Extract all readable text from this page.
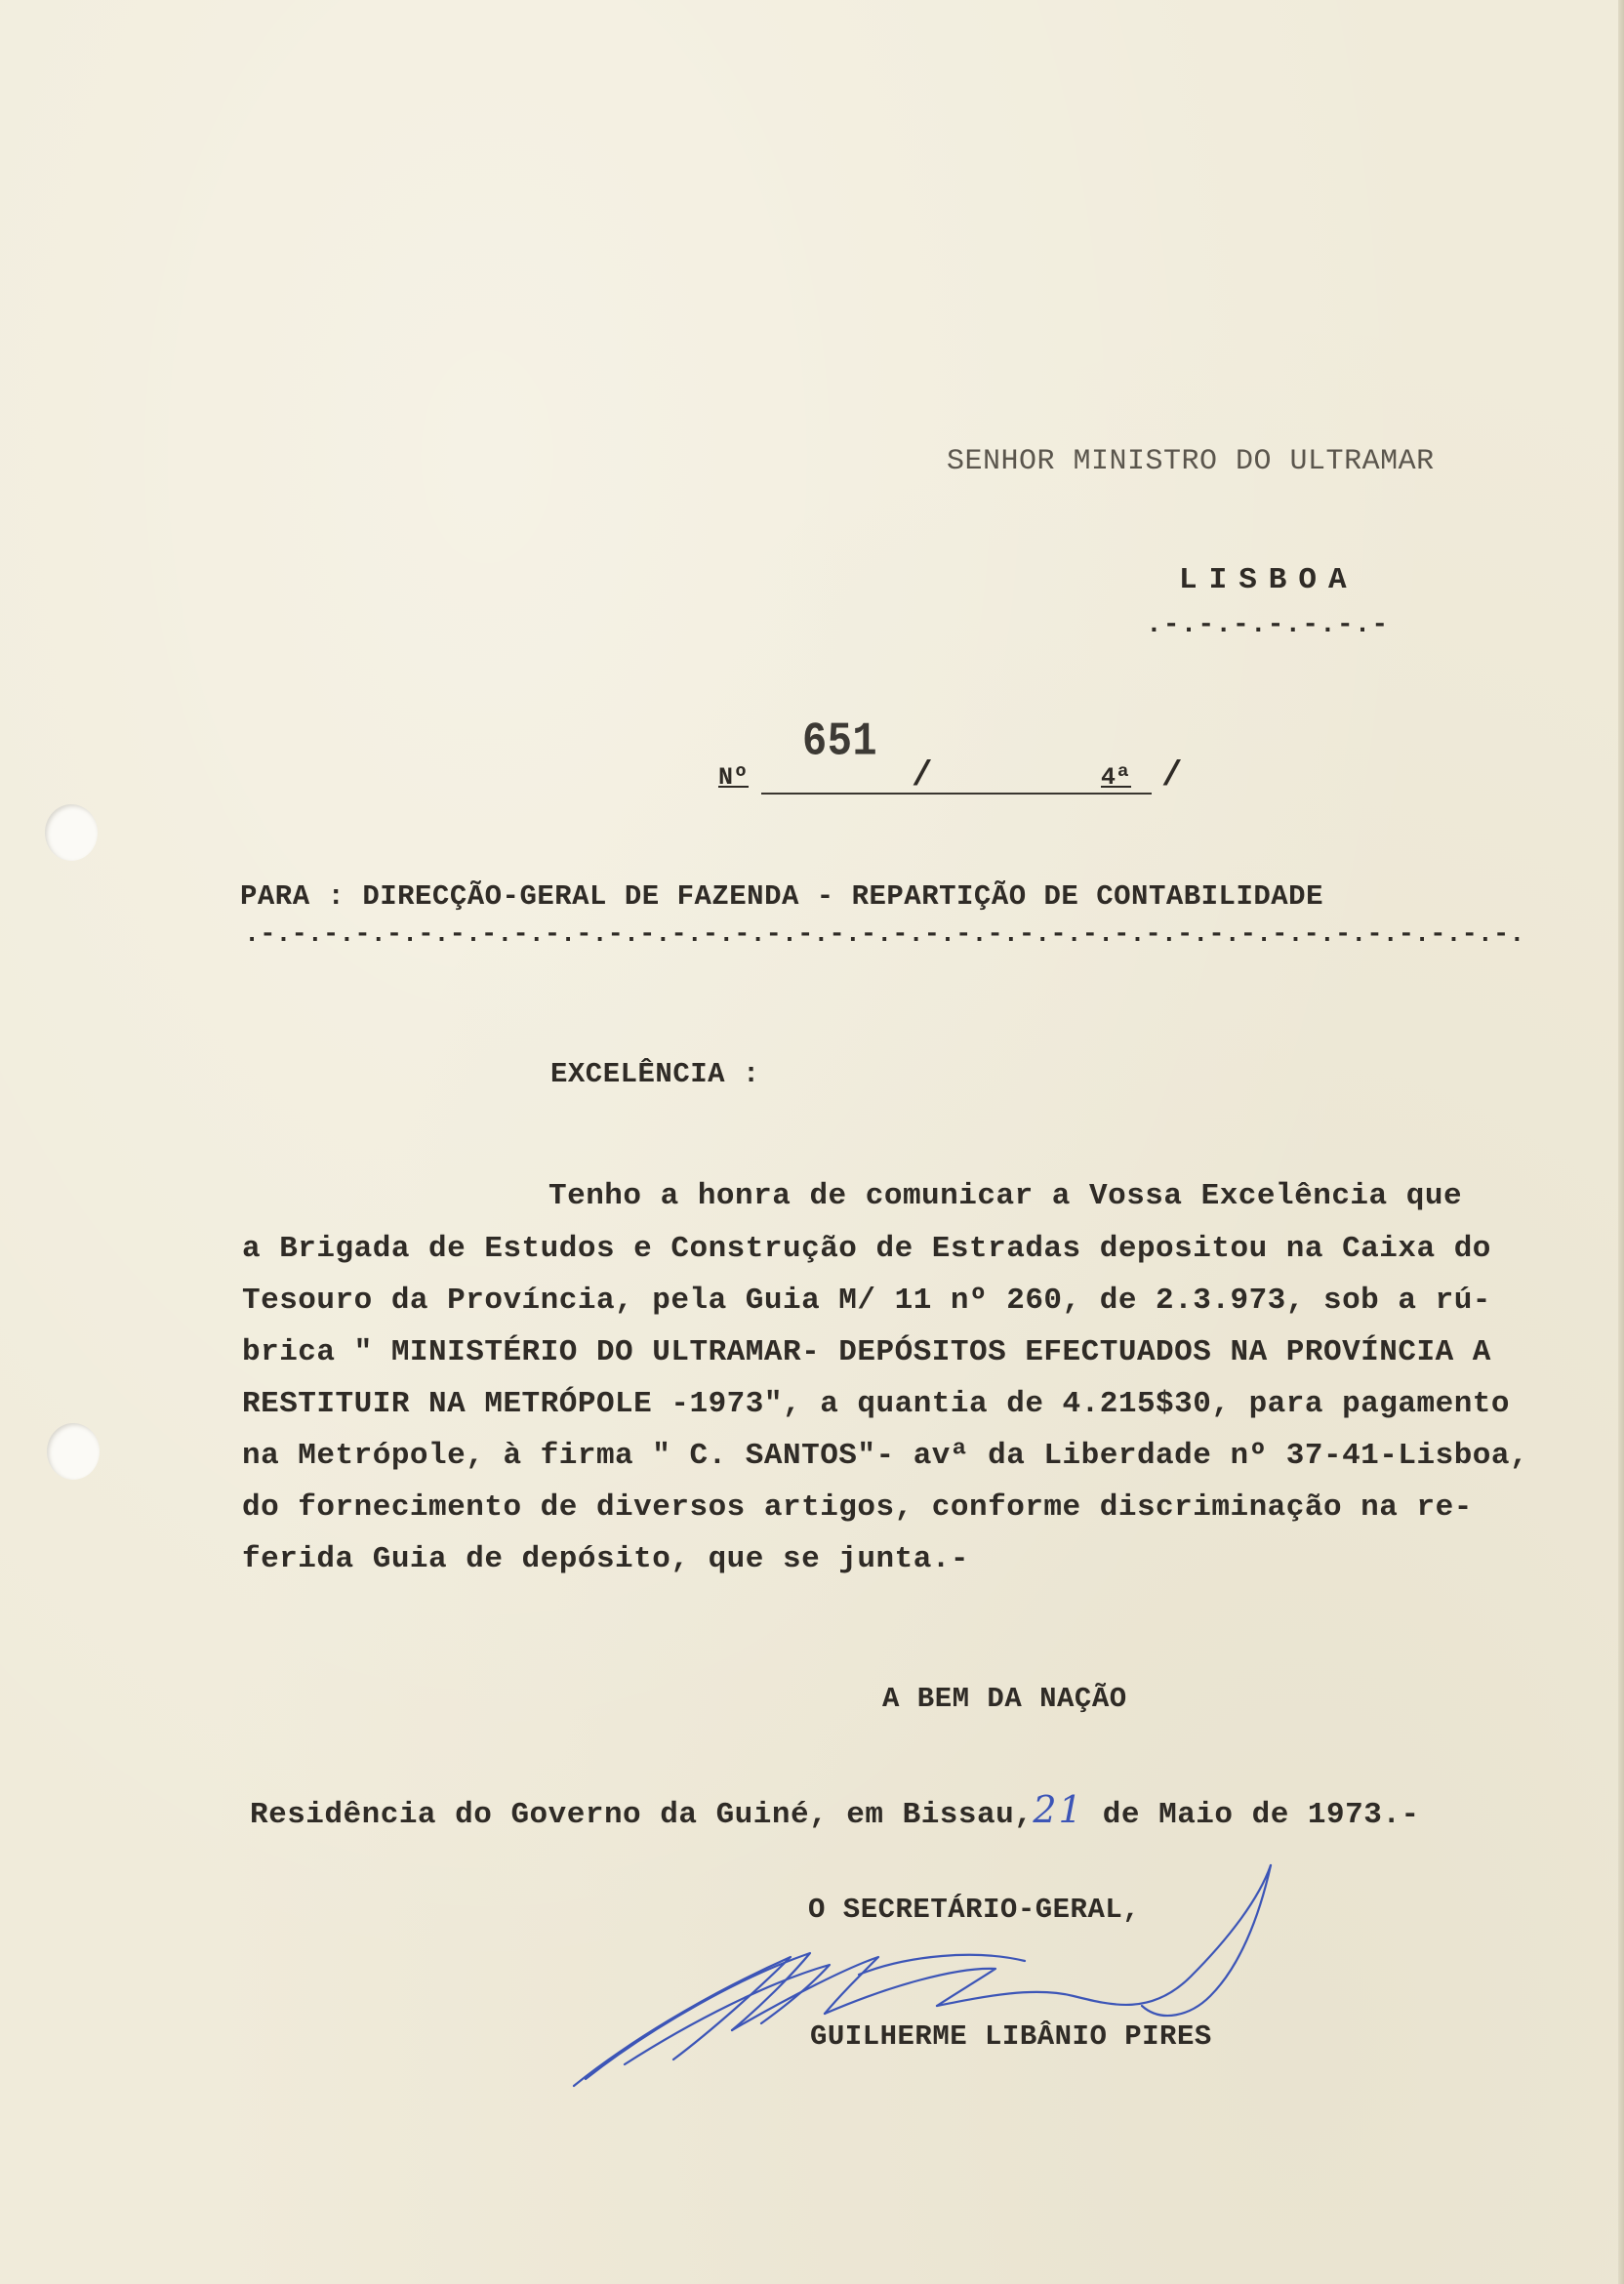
SENHOR MINISTRO DO ULTRAMAR
LISBOA
.-.-.-.-.-.-.-
Nº
651
/	4ª /
PARA : DIRECÇÃO-GERAL DE FAZENDA - REPARTIÇÃO DE CONTABILIDADE
.-.-.-.-.-.-.-.-.-.-.-.-.-.-.-.-.-.-.-.-.-.-.-.-.-.-.-.-.-.-.-.-.-.-.-.-.-.-.-.-.
EXCELÊNCIA :
Tenho a honra de comunicar a Vossa Excelência que
a Brigada de Estudos e Construção de Estradas depositou na Caixa do
Tesouro da Província, pela Guia M/ 11 nº 260, de 2.3.973, sob a rú-
brica " MINISTÉRIO DO ULTRAMAR- DEPÓSITOS EFECTUADOS NA PROVÍNCIA A
RESTITUIR NA METRÓPOLE -1973", a quantia de 4.215$30, para pagamento
na Metrópole, à firma " C. SANTOS"- avª da Liberdade nº 37-41-Lisboa,
do fornecimento de diversos artigos, conforme discriminação na re-
ferida Guia de depósito, que se junta.-
A BEM DA NAÇÃO
Residência do Governo da Guiné, em Bissau,21 de Maio de 1973.-
O SECRETÁRIO-GERAL,
GUILHERME LIBÂNIO PIRES
